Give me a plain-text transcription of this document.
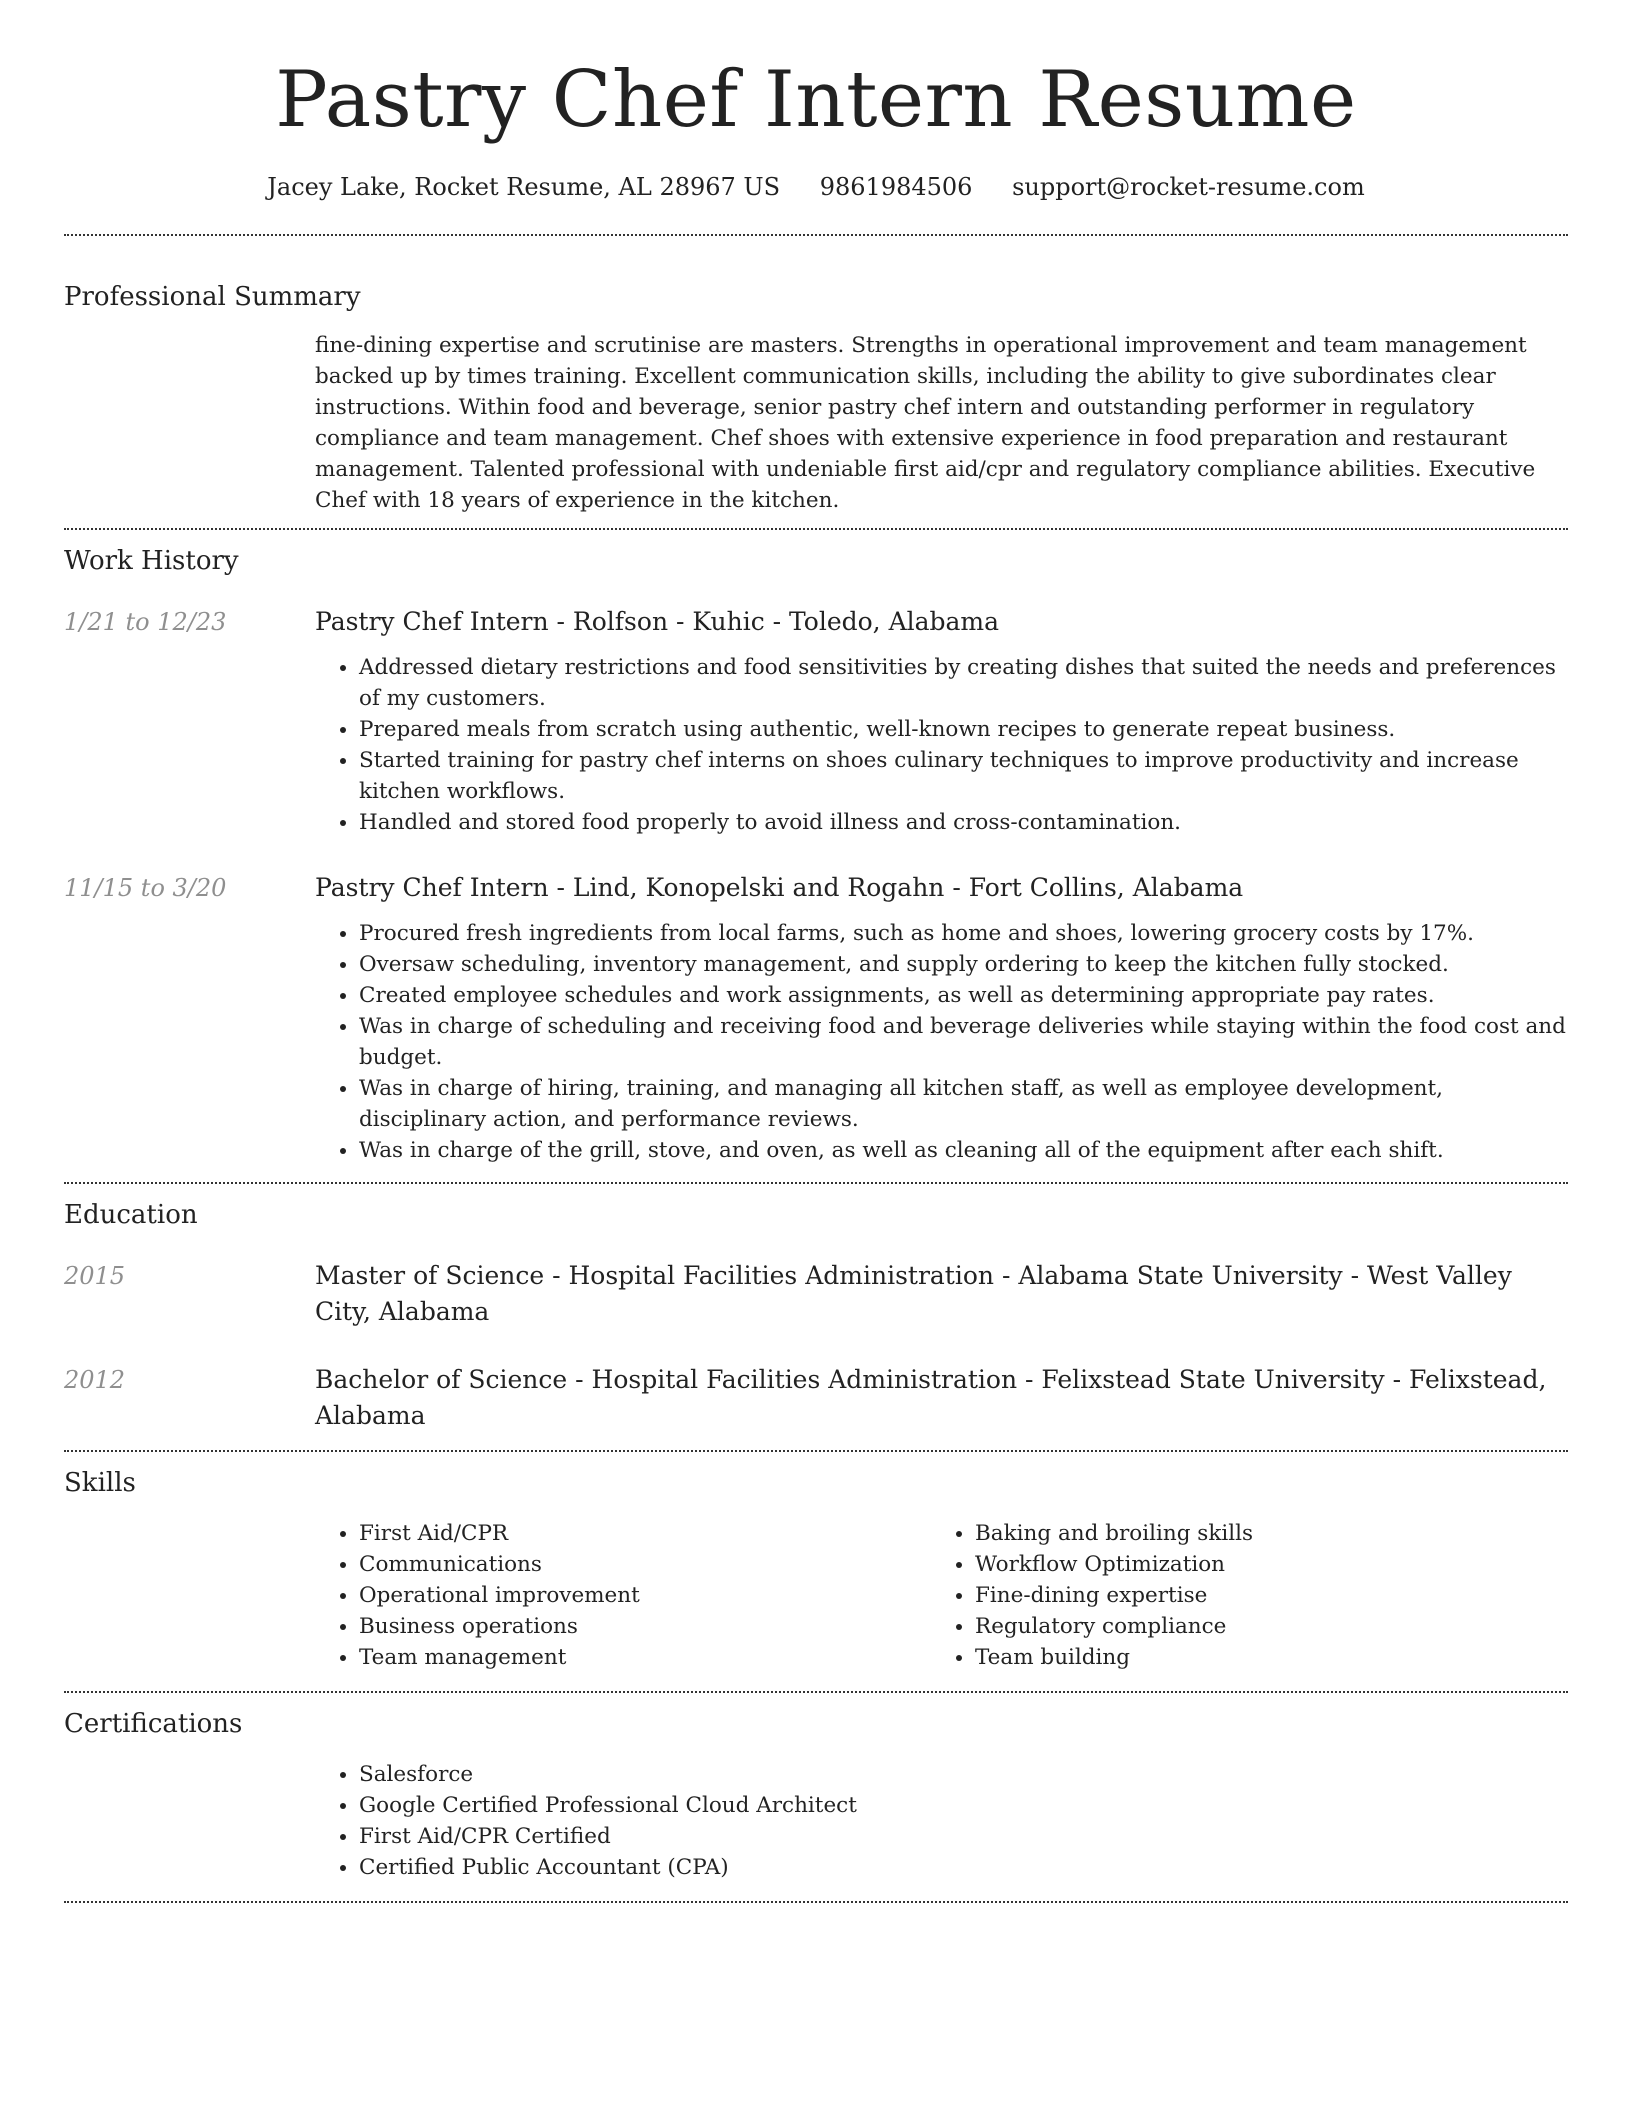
Pastry Chef Intern Resume
Jacey Lake, Rocket Resume, AL 28967 US 9861984506 support@rocket-resume.com
Professional Summary
fine-dining expertise and scrutinise are masters. Strengths in operational improvement and team management backed up by times training. Excellent communication skills, including the ability to give subordinates clear instructions. Within food and beverage, senior pastry chef intern and outstanding performer in regulatory compliance and team management. Chef shoes with extensive experience in food preparation and restaurant management. Talented professional with undeniable first aid/cpr and regulatory compliance abilities. Executive Chef with 18 years of experience in the kitchen.
Work History
1/21 to 12/23	Pastry Chef Intern - Rolfson - Kuhic - Toledo, Alabama
• Addressed dietary restrictions and food sensitivities by creating dishes that suited the needs and preferences of my customers.
• Prepared meals from scratch using authentic, well-known recipes to generate repeat business.
• Started training for pastry chef interns on shoes culinary techniques to improve productivity and increase kitchen workflows.
• Handled and stored food properly to avoid illness and cross-contamination.
11/15 to 3/20	Pastry Chef Intern - Lind, Konopelski and Rogahn - Fort Collins, Alabama
• Procured fresh ingredients from local farms, such as home and shoes, lowering grocery costs by 17%.
• Oversaw scheduling, inventory management, and supply ordering to keep the kitchen fully stocked.
• Created employee schedules and work assignments, as well as determining appropriate pay rates.
• Was in charge of scheduling and receiving food and beverage deliveries while staying within the food cost and budget.
• Was in charge of hiring, training, and managing all kitchen staff, as well as employee development, disciplinary action, and performance reviews.
• Was in charge of the grill, stove, and oven, as well as cleaning all of the equipment after each shift.
Education
2015	Master of Science - Hospital Facilities Administration - Alabama State University - West Valley City, Alabama
2012	Bachelor of Science - Hospital Facilities Administration - Felixstead State University - Felixstead, Alabama
Skills
• First Aid/CPR
• Communications
• Operational improvement
• Business operations
• Team management
• Baking and broiling skills
• Workflow Optimization
• Fine-dining expertise
• Regulatory compliance
• Team building
Certifications
• Salesforce
• Google Certified Professional Cloud Architect
• First Aid/CPR Certified
• Certified Public Accountant (CPA)
